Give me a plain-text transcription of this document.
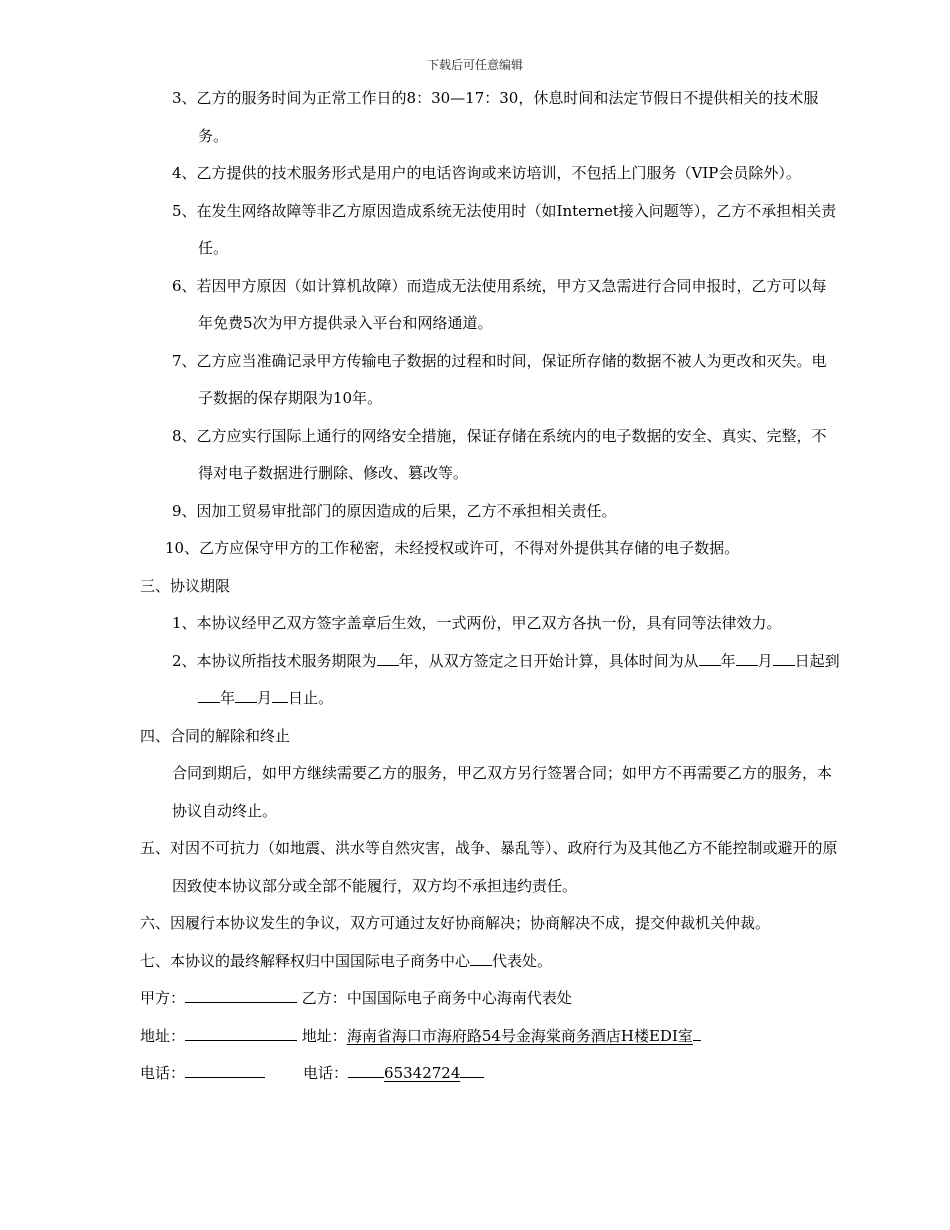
下载后可任意编辑

3、乙方的服务时间为正常工作日的8：30—17：30，休息时间和法定节假日不提供相关的技术服务。

4、乙方提供的技术服务形式是用户的电话咨询或来访培训，不包括上门服务（VIP会员除外）。

5、在发生网络故障等非乙方原因造成系统无法使用时（如Internet接入问题等），乙方不承担相关责任。

6、若因甲方原因（如计算机故障）而造成无法使用系统，甲方又急需进行合同申报时，乙方可以每年免费5次为甲方提供录入平台和网络通道。

7、乙方应当准确记录甲方传输电子数据的过程和时间，保证所存储的数据不被人为更改和灭失。电子数据的保存期限为10年。

8、乙方应实行国际上通行的网络安全措施，保证存储在系统内的电子数据的安全、真实、完整，不得对电子数据进行删除、修改、篡改等。

9、因加工贸易审批部门的原因造成的后果，乙方不承担相关责任。

10、乙方应保守甲方的工作秘密，未经授权或许可，不得对外提供其存储的电子数据。

三、协议期限

1、本协议经甲乙双方签字盖章后生效，一式两份，甲乙双方各执一份，具有同等法律效力。

2、本协议所指技术服务期限为 年，从双方签定之日开始计算，具体时间为从 年 月 日起到年 月 日止。

四、合同的解除和终止

合同到期后，如甲方继续需要乙方的服务，甲乙双方另行签署合同；如甲方不再需要乙方的服务，本协议自动终止。

五、对因不可抗力（如地震、洪水等自然灾害，战争、暴乱等）、政府行为及其他乙方不能控制或避开的原因致使本协议部分或全部不能履行，双方均不承担违约责任。

六、因履行本协议发生的争议，双方可通过友好协商解决；协商解决不成，提交仲裁机关仲裁。

七、本协议的最终解释权归中国国际电子商务中心 代表处。

甲方：	乙方：中国国际电子商务中心海南代表处

地址：	地址：海南省海口市海府路54号金海棠商务酒店H楼EDI室

电话：	电话： 65342724
